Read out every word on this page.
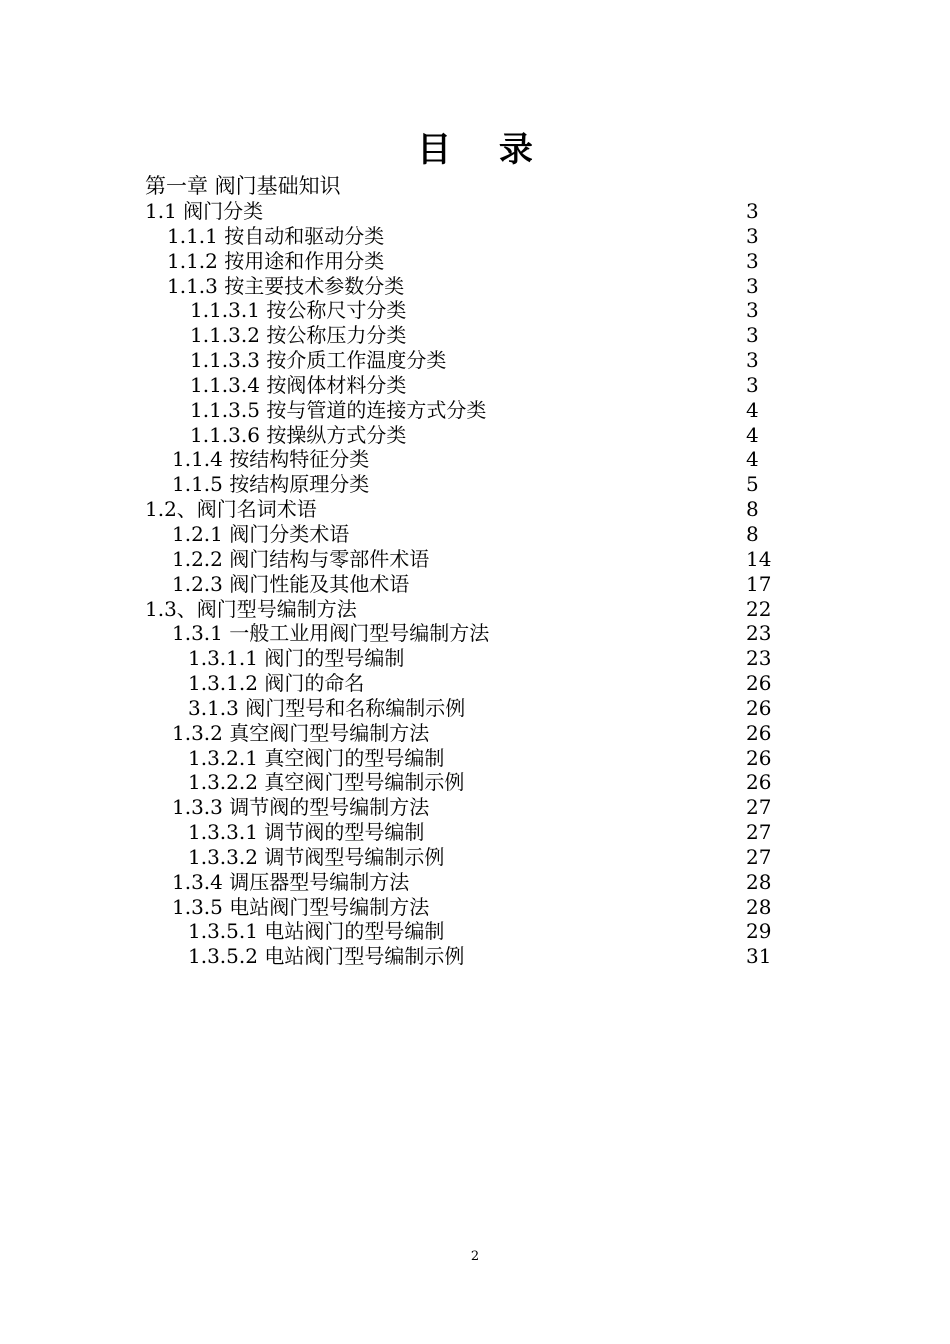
目 录
第一章 阀门基础知识
1.1 阀门分类	3
1.1.1 按自动和驱动分类	3
1.1.2 按用途和作用分类	3
1.1.3 按主要技术参数分类	3
1.1.3.1 按公称尺寸分类	3
1.1.3.2 按公称压力分类	3
1.1.3.3 按介质工作温度分类	3
1.1.3.4 按阀体材料分类	3
1.1.3.5 按与管道的连接方式分类	4
1.1.3.6 按操纵方式分类	4
1.1.4 按结构特征分类	4
1.1.5 按结构原理分类	5
1.2、阀门名词术语	8
1.2.1 阀门分类术语	8
1.2.2 阀门结构与零部件术语	14
1.2.3 阀门性能及其他术语	17
1.3、阀门型号编制方法	22
1.3.1 一般工业用阀门型号编制方法	23
1.3.1.1 阀门的型号编制	23
1.3.1.2 阀门的命名	26
3.1.3 阀门型号和名称编制示例	26
1.3.2 真空阀门型号编制方法	26
1.3.2.1 真空阀门的型号编制	26
1.3.2.2 真空阀门型号编制示例	26
1.3.3 调节阀的型号编制方法	27
1.3.3.1 调节阀的型号编制	27
1.3.3.2 调节阀型号编制示例	27
1.3.4 调压器型号编制方法	28
1.3.5 电站阀门型号编制方法	28
1.3.5.1 电站阀门的型号编制	29
1.3.5.2 电站阀门型号编制示例	31
2
